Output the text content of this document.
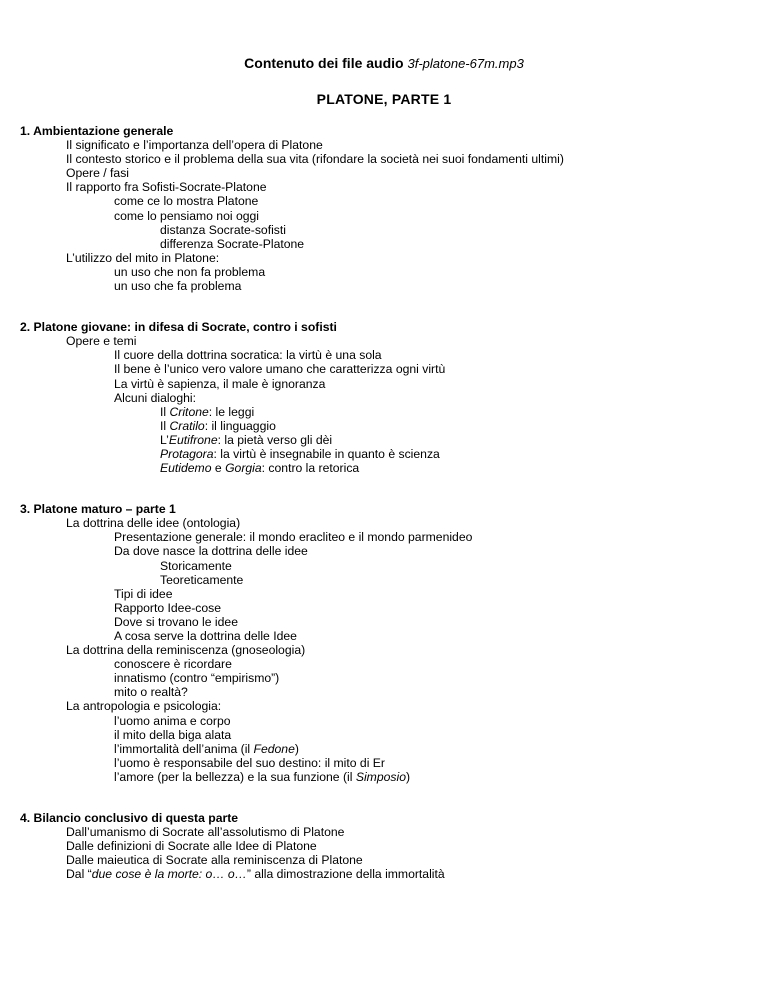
Contenuto dei file audio 3f-platone-67m.mp3
PLATONE, PARTE 1
1. Ambientazione generale
Il significato e l’importanza dell’opera di Platone
Il contesto storico e il problema della sua vita (rifondare la società nei suoi fondamenti ultimi)
Opere / fasi
Il rapporto fra Sofisti-Socrate-Platone
come ce lo mostra Platone
come lo pensiamo noi oggi
distanza Socrate-sofisti
differenza Socrate-Platone
L’utilizzo del mito in Platone:
un uso che non fa problema
un uso che fa problema
2. Platone giovane: in difesa di Socrate, contro i sofisti
Opere e temi
Il cuore della dottrina socratica: la virtù è una sola
Il bene è l’unico vero valore umano che caratterizza ogni virtù
La virtù è sapienza, il male è ignoranza
Alcuni dialoghi:
Il Critone: le leggi
Il Cratilo: il linguaggio
L’Eutifrone: la pietà verso gli dèi
Protagora: la virtù è insegnabile in quanto è scienza
Eutidemo e Gorgia: contro la retorica
3. Platone maturo – parte 1
La dottrina delle idee (ontologia)
Presentazione generale: il mondo eracliteo e il mondo parmenideo
Da dove nasce la dottrina delle idee
Storicamente
Teoreticamente
Tipi di idee
Rapporto Idee-cose
Dove si trovano le idee
A cosa serve la dottrina delle Idee
La dottrina della reminiscenza (gnoseologia)
conoscere è ricordare
innatismo (contro “empirismo”)
mito o realtà?
La antropologia e psicologia:
l’uomo anima e corpo
il mito della biga alata
l’immortalità dell’anima (il Fedone)
l’uomo è responsabile del suo destino: il mito di Er
l’amore (per la bellezza) e la sua funzione (il Simposio)
4. Bilancio conclusivo di questa parte
Dall’umanismo di Socrate all’assolutismo di Platone
Dalle definizioni di Socrate alle Idee di Platone
Dalle maieutica di Socrate alla reminiscenza di Platone
Dal “due cose è la morte: o… o…” alla dimostrazione della immortalità
